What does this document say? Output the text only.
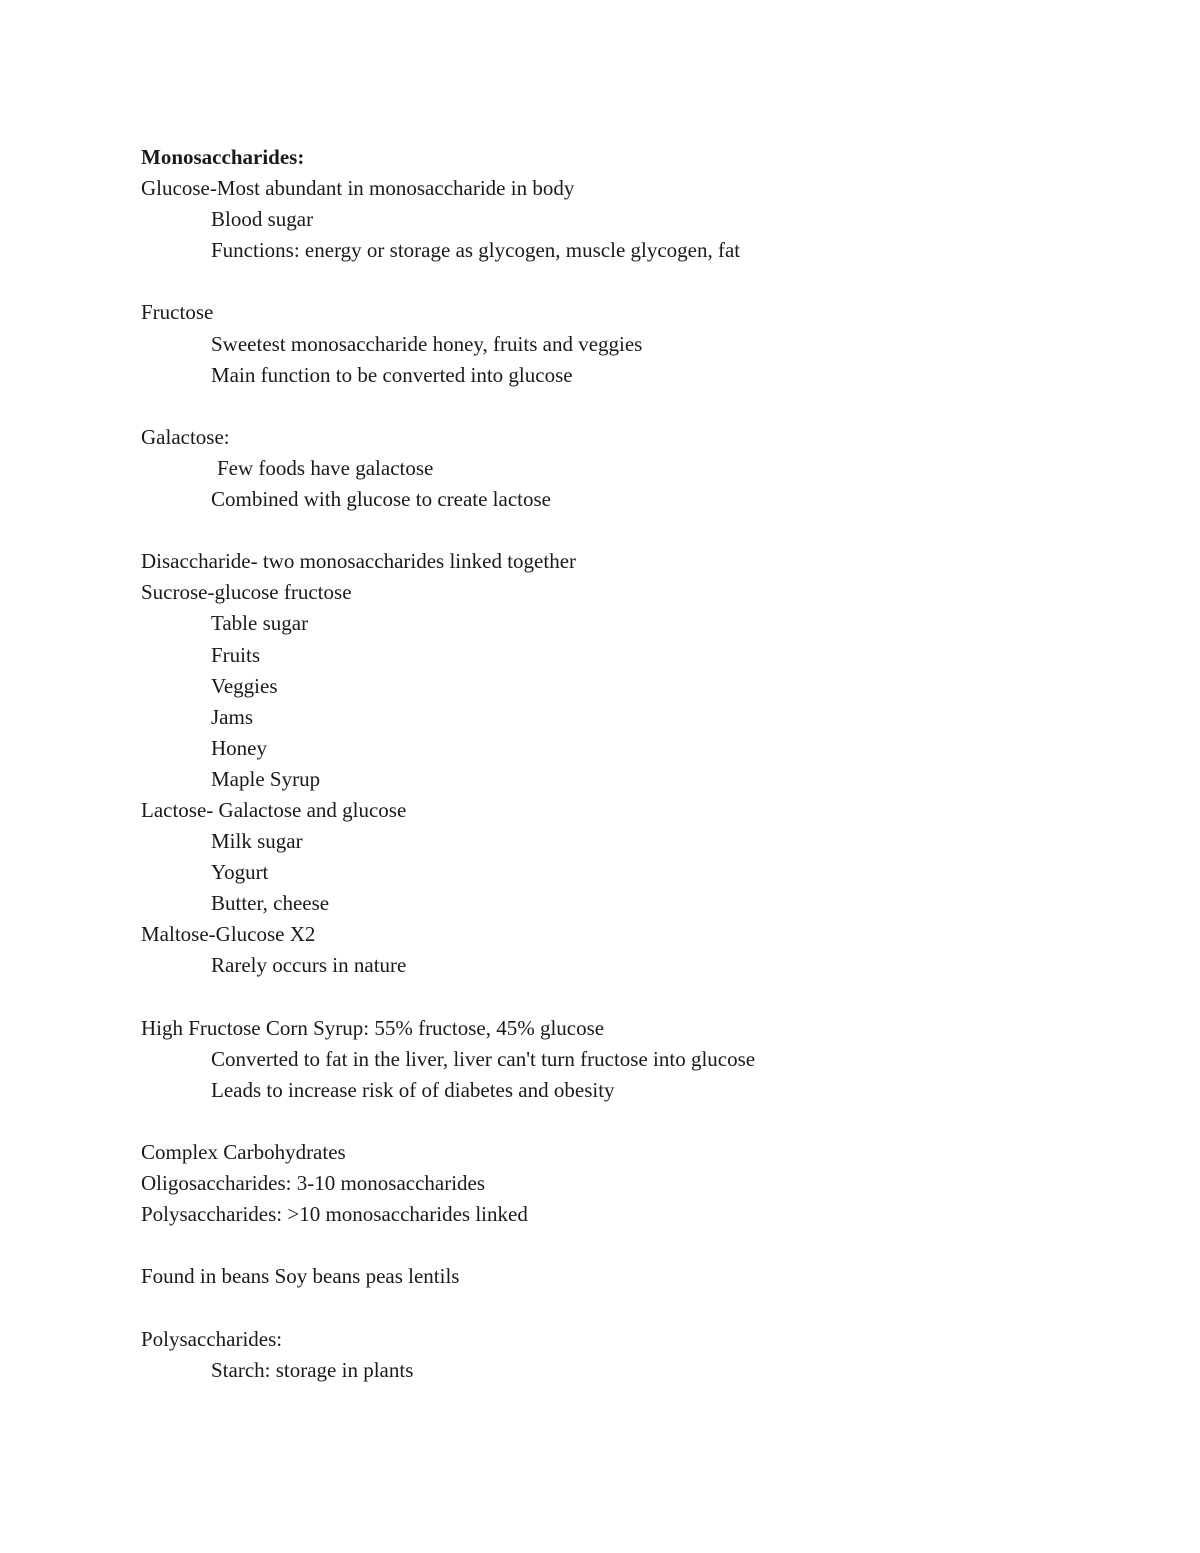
Monosaccharides:
Glucose-Most abundant in monosaccharide in body
Blood sugar
Functions: energy or storage as glycogen, muscle glycogen, fat
Fructose
Sweetest monosaccharide honey, fruits and veggies
Main function to be converted into glucose
Galactose:
Few foods have galactose
Combined with glucose to create lactose
Disaccharide- two monosaccharides linked together
Sucrose-glucose fructose
Table sugar
Fruits
Veggies
Jams
Honey
Maple Syrup
Lactose- Galactose and glucose
Milk sugar
Yogurt
Butter, cheese
Maltose-Glucose X2
Rarely occurs in nature
High Fructose Corn Syrup: 55% fructose, 45% glucose
Converted to fat in the liver, liver can't turn fructose into glucose
Leads to increase risk of of diabetes and obesity
Complex Carbohydrates
Oligosaccharides: 3-10 monosaccharides
Polysaccharides: >10 monosaccharides linked
Found in beans Soy beans peas lentils
Polysaccharides:
Starch: storage in plants
